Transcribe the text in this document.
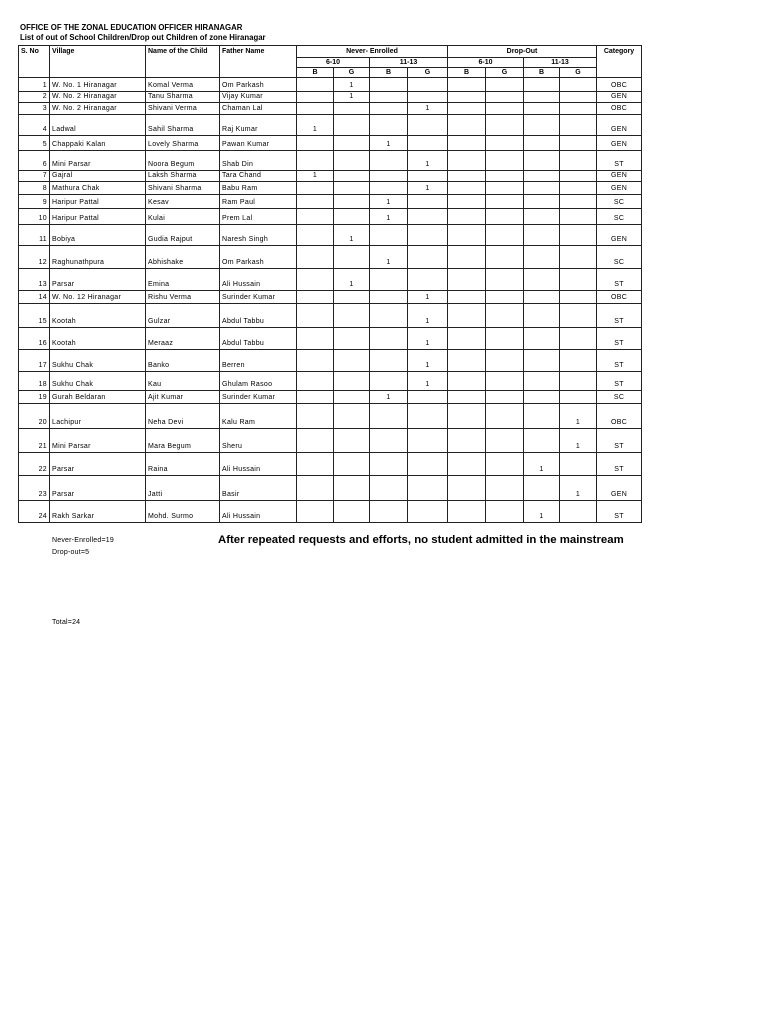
OFFICE OF THE ZONAL EDUCATION OFFICER HIRANAGAR
List of out of School Children/Drop out Children of zone Hiranagar
S. No	Village	Name of the Child	Father Name	Never- Enrolled				Drop-Out				Category
				6-10		11-13		6-10		11-13		
				B	G	B	G	B	G	B	G	
1	W. No. 1 Hiranagar	Komal Verma	Om Parkash		1							OBC
2	W. No. 2 Hiranagar	Tanu Sharma	Vijay Kumar		1							GEN
3	W. No. 2 Hiranagar	Shivani Verma	Chaman Lal				1					OBC
4	Ladwal	Sahil Sharma	Raj Kumar	1								GEN
5	Chappaki Kalan	Lovely Sharma	Pawan Kumar			1						GEN
6	Mini Parsar	Noora Begum	Shab Din				1					ST
7	Gajral	Laksh Sharma	Tara Chand	1								GEN
8	Mathura Chak	Shivani Sharma	Babu Ram				1					GEN
9	Haripur Pattal	Kesav	Ram Paul			1						SC
10	Haripur Pattal	Kulai	Prem Lal			1						SC
11	Bobiya	Gudia Rajput	Naresh Singh		1							GEN
12	Raghunathpura	Abhishake	Om Parkash			1						SC
13	Parsar	Emina	Ali Hussain		1							ST
14	W. No. 12 Hiranagar	Rishu Verma	Surinder Kumar				1					OBC
15	Kootah	Gulzar	Abdul Tabbu				1					ST
16	Kootah	Meraaz	Abdul Tabbu				1					ST
17	Sukhu Chak	Banko	Berren				1					ST
18	Sukhu Chak	Kau	Ghulam Rasoo				1					ST
19	Gurah Beldaran	Ajit Kumar	Surinder Kumar			1						SC
20	Lachipur	Neha Devi	Kalu Ram								1	OBC
21	Mini Parsar	Mara Begum	Sheru								1	ST
22	Parsar	Raina	Ali Hussain							1		ST
23	Parsar	Jatti	Basir								1	GEN
24	Rakh Sarkar	Mohd. Surmo	Ali Hussain							1		ST
Never-Enrolled=19
Drop-out=5
Total=24
After repeated requests and efforts, no student admitted in the mainstream
